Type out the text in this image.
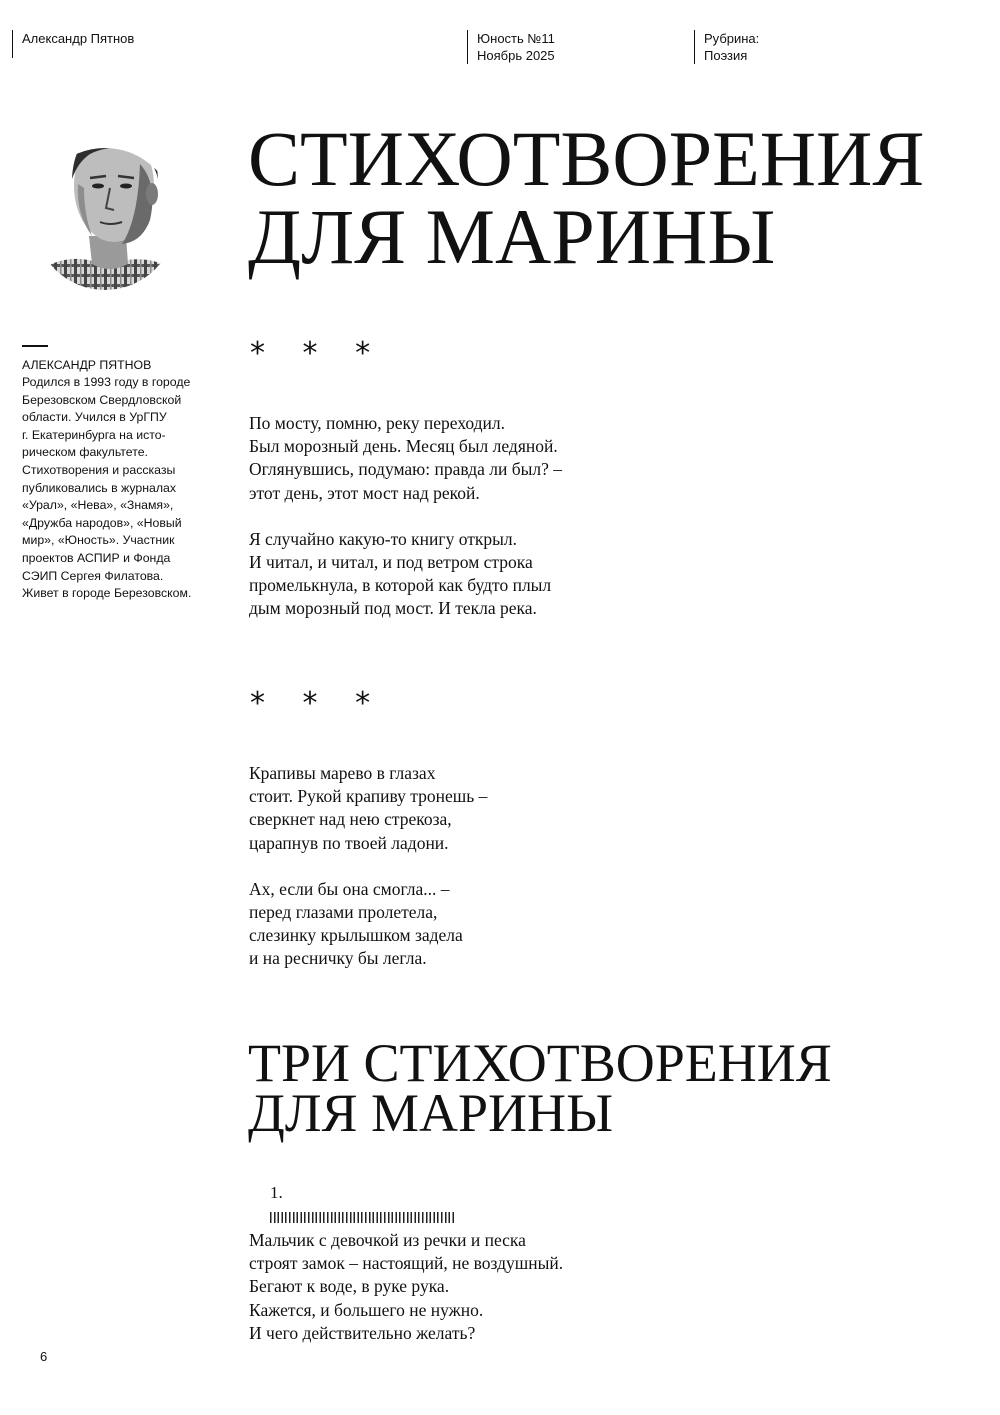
Александр Пятнов	Юность №11
Ноябрь 2025
Рубрина:
Поэзия

АЛЕКСАНДР ПЯТНОВ

Родился в 1993 году в городе

Березовском Свердловской

области. Учился в УрГПУ

г. Екатеринбурга на исто-

рическом факультете.

Стихотворения и рассказы

публиковались в журналах

«Урал», «Нева», «Знамя»,

«Дружба народов», «Новый

мир», «Юность». Участник

проектов АСПИР и Фонда

СЭИП Сергея Филатова.

Живет в городе Березовском.

СТИХОТВОРЕНИЯ
ДЛЯ МАРИНЫ
* * *
По мосту, помню, реку переходил.
Был морозный день. Месяц был ледяной.
Оглянувшись, подумаю: правда ли был? –
этот день, этот мост над рекой.
Я случайно какую-то книгу открыл.
И читал, и читал, и под ветром строка
промелькнула, в которой как будто плыл
дым морозный под мост. И текла река.
* * *
Крапивы марево в глазах
стоит. Рукой крапиву тронешь –
сверкнет над нею стрекоза,
царапнув по твоей ладони.
Ах, если бы она смогла... –
перед глазами пролетела,
слезинку крылышком задела
и на ресничку бы легла.
ТРИ СТИХОТВОРЕНИЯ
ДЛЯ МАРИНЫ
1.
Мальчик с девочкой из речки и песка
строят замок – настоящий, не воздушный.
Бегают к воде, в руке рука.
Кажется, и большего не нужно.
И чего действительно желать?
6
